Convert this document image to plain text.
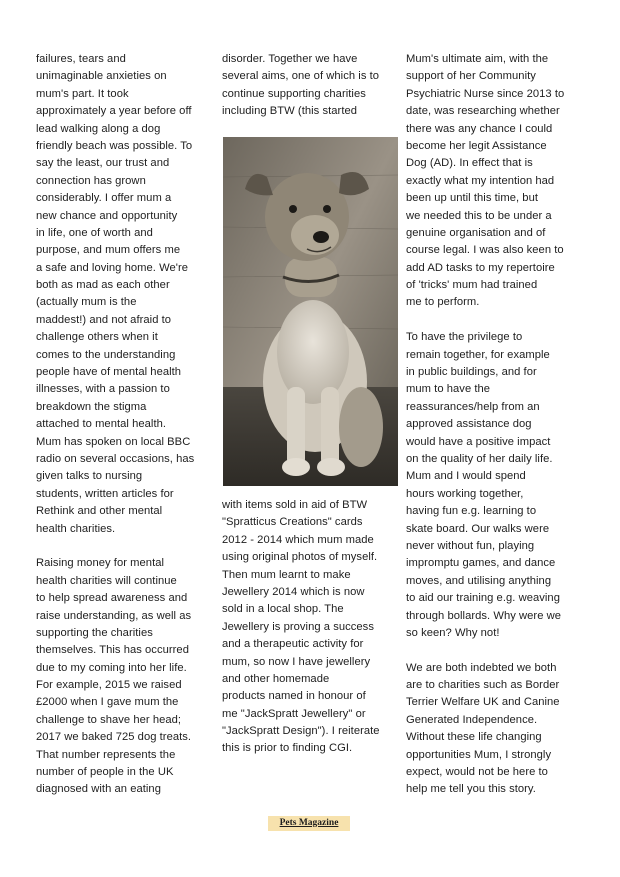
failures, tears and
unimaginable anxieties on
mum's part. It took
approximately a year before off
lead walking along a dog
friendly beach was possible. To
say the least, our trust and
connection has grown
considerably. I offer mum a
new chance and opportunity
in life, one of worth and
purpose, and mum offers me
a safe and loving home. We're
both as mad as each other
(actually mum is the
maddest!) and not afraid to
challenge others when it
comes to the understanding
people have of mental health
illnesses, with a passion to
breakdown the stigma
attached to mental health.
Mum has spoken on local BBC
radio on several occasions, has
given talks to nursing
students, written articles for
Rethink and other mental
health charities.
Raising money for mental
health charities will continue
to help spread awareness and
raise understanding, as well as
supporting the charities
themselves. This has occurred
due to my coming into her life.
For example, 2015 we raised
£2000 when I gave mum the
challenge to shave her head;
2017 we baked 725 dog treats.
That number represents the
number of people in the UK
diagnosed with an eating
disorder. Together we have
several aims, one of which is to
continue supporting charities
including BTW (this started
with items sold in aid of BTW
"Spratticus Creations" cards
2012 - 2014 which mum made
using original photos of myself.
Then mum learnt to make
Jewellery 2014 which is now
sold in a local shop. The
Jewellery is proving a success
and a therapeutic activity for
mum, so now I have jewellery
and other homemade
products named in honour of
me "JackSpratt Jewellery" or
"JackSpratt Design"). I reiterate
this is prior to finding CGI.
Mum's ultimate aim, with the
support of her Community
Psychiatric Nurse since 2013 to
date, was researching whether
there was any chance I could
become her legit Assistance
Dog (AD). In effect that is
exactly what my intention had
been up until this time, but
we needed this to be under a
genuine organisation and of
course legal. I was also keen to
add AD tasks to my repertoire
of 'tricks' mum had trained
me to perform.
To have the privilege to
remain together, for example
in public buildings, and for
mum to have the
reassurances/help from an
approved assistance dog
would have a positive impact
on the quality of her daily life.
Mum and I would spend
hours working together,
having fun e.g. learning to
skate board. Our walks were
never without fun, playing
impromptu games, and dance
moves, and utilising anything
to aid our training e.g. weaving
through bollards. Why were we
so keen? Why not!
We are both indebted we both
are to charities such as Border
Terrier Welfare UK and Canine
Generated Independence.
Without these life changing
opportunities Mum, I strongly
expect, would not be here to
help me tell you this story.
Pets Magazine
